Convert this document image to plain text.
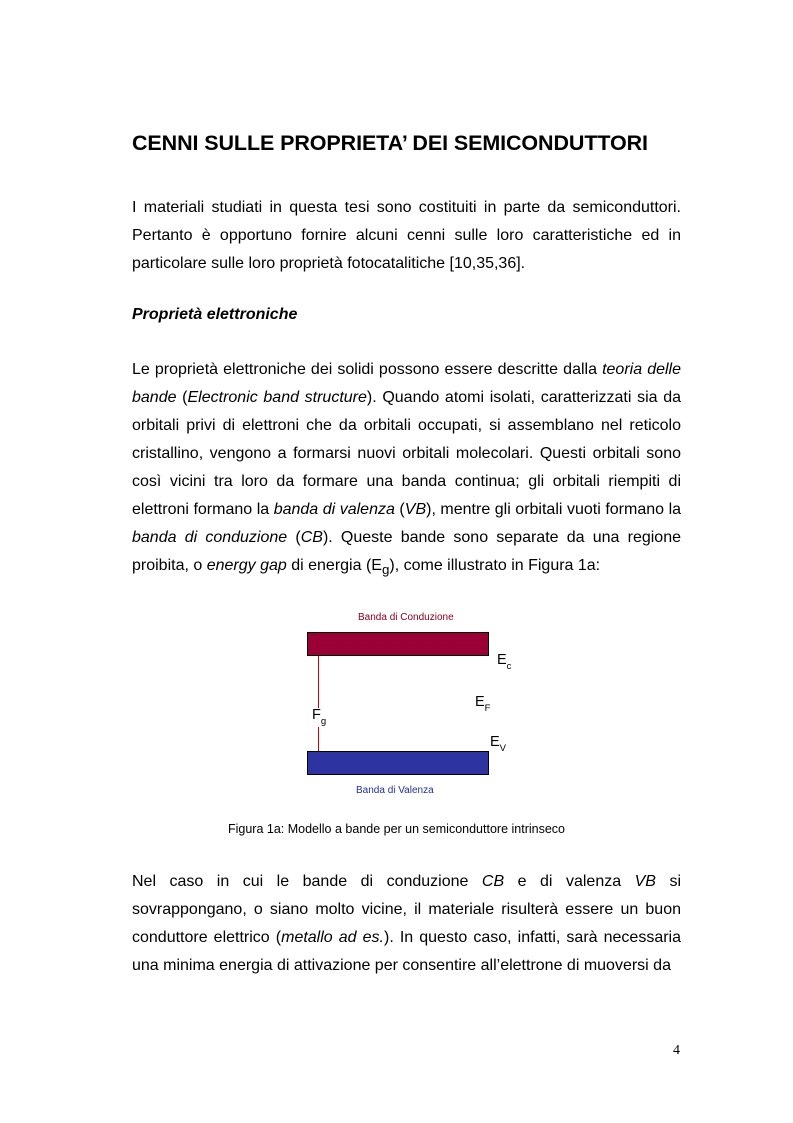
CENNI SULLE PROPRIETA’ DEI SEMICONDUTTORI

I materiali studiati in questa tesi sono costituiti in parte da semiconduttori. Pertanto è opportuno fornire alcuni cenni sulle loro caratteristiche ed in particolare sulle loro proprietà fotocatalitiche [10,35,36].

Proprietà elettroniche

Le proprietà elettroniche dei solidi possono essere descritte dalla teoria delle bande (Electronic band structure). Quando atomi isolati, caratterizzati sia da orbitali privi di elettroni che da orbitali occupati, si assemblano nel reticolo cristallino, vengono a formarsi nuovi orbitali molecolari. Questi orbitali sono così vicini tra loro da formare una banda continua; gli orbitali riempiti di elettroni formano la banda di valenza (VB), mentre gli orbitali vuoti formano la banda di conduzione (CB). Queste bande sono separate da una regione proibita, o energy gap di energia $(E_g)$, come illustrato in Figura 1a:

Banda di Conduzione
Banda di Valenza
$E_c$
$E_F$
$F_g$
$E_V$

Figura 1a: Modello a bande per un semiconduttore intrinseco

Nel caso in cui le bande di conduzione CB e di valenza VB si sovrappongano, o siano molto vicine, il materiale risulterà essere un buon conduttore elettrico (metallo ad es.). In questo caso, infatti, sarà necessaria una minima energia di attivazione per consentire all’elettrone di muoversi da

4
